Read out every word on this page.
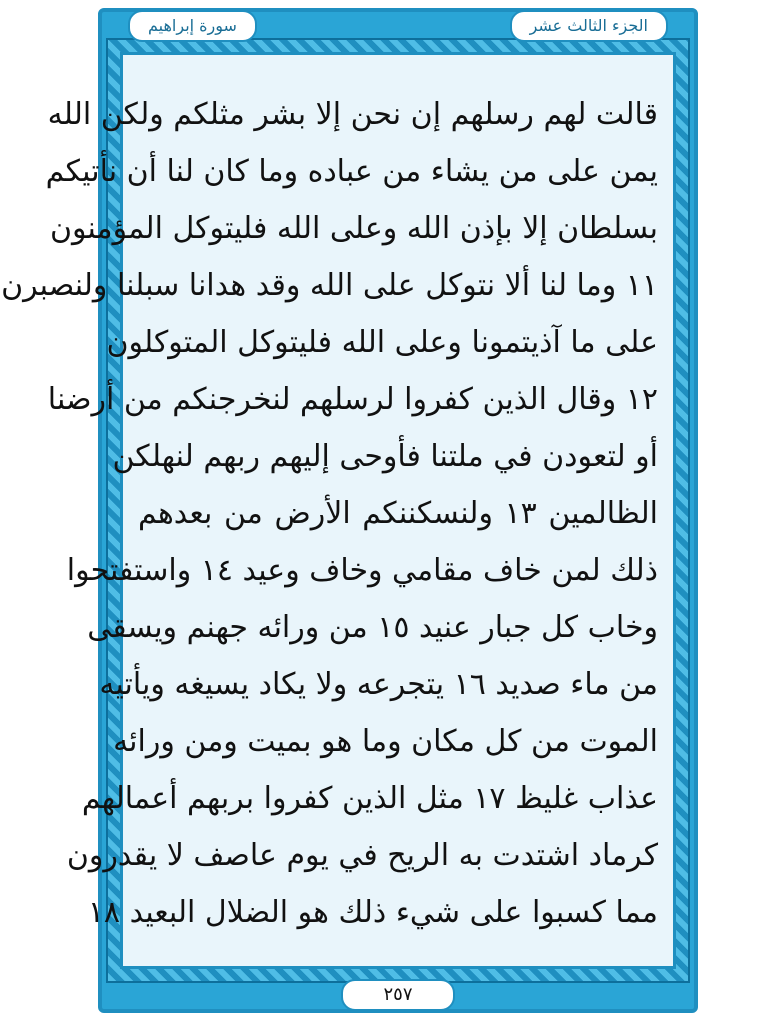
سورة إبراهيم	الجزء الثالث عشر
قالت لهم رسلهم إن نحن إلا بشر مثلكم ولكن الله
يمن على من يشاء من عباده وما كان لنا أن نأتيكم
بسلطان إلا بإذن الله وعلى الله فليتوكل المؤمنون
١١ وما لنا ألا نتوكل على الله وقد هدانا سبلنا ولنصبرن
على ما آذيتمونا وعلى الله فليتوكل المتوكلون
١٢ وقال الذين كفروا لرسلهم لنخرجنكم من أرضنا
أو لتعودن في ملتنا فأوحى إليهم ربهم لنهلكن
الظالمين ١٣ ولنسكننكم الأرض من بعدهم
ذلك لمن خاف مقامي وخاف وعيد ١٤ واستفتحوا
وخاب كل جبار عنيد ١٥ من ورائه جهنم ويسقى
من ماء صديد ١٦ يتجرعه ولا يكاد يسيغه ويأتيه
الموت من كل مكان وما هو بميت ومن ورائه
عذاب غليظ ١٧ مثل الذين كفروا بربهم أعمالهم
كرماد اشتدت به الريح في يوم عاصف لا يقدرون
مما كسبوا على شيء ذلك هو الضلال البعيد ١٨
٢٥٧
